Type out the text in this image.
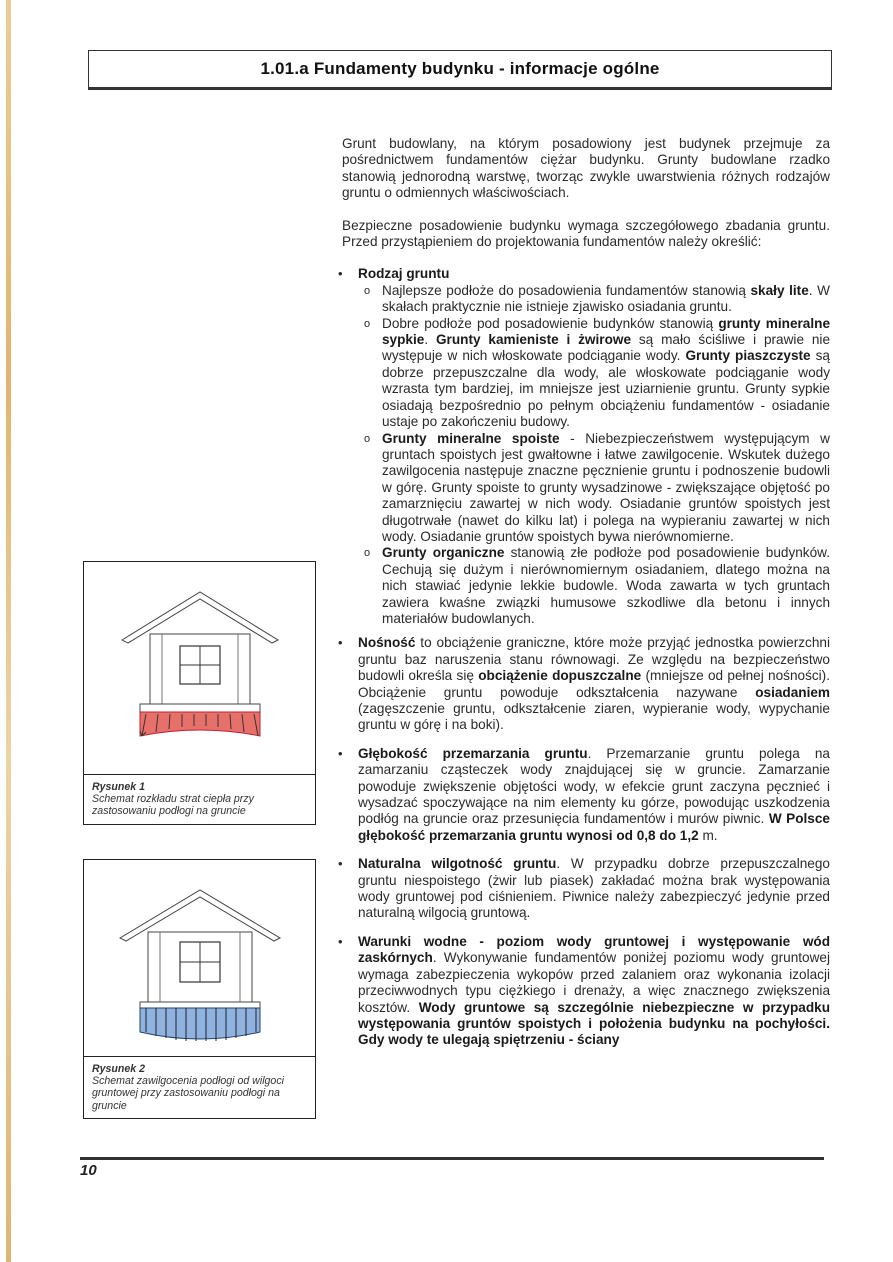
1.01.a Fundamenty budynku - informacje ogólne

Grunt budowlany, na którym posadowiony jest budynek przejmuje za pośrednictwem fundamentów ciężar budynku. Grunty budowlane rzadko stanowią jednorodną warstwę, tworząc zwykle uwarstwienia różnych rodzajów gruntu o odmiennych właściwościach.

Bezpieczne posadowienie budynku wymaga szczegółowego zbadania gruntu. Przed przystąpieniem do projektowania fundamentów należy określić:

• Rodzaj gruntu
o Najlepsze podłoże do posadowienia fundamentów stanowią skały lite. W skałach praktycznie nie istnieje zjawisko osiadania gruntu.
o Dobre podłoże pod posadowienie budynków stanowią grunty mineralne sypkie. Grunty kamieniste i żwirowe są mało ściśliwe i prawie nie występuje w nich włoskowate podciąganie wody. Grunty piaszczyste są dobrze przepuszczalne dla wody, ale włoskowate podciąganie wody wzrasta tym bardziej, im mniejsze jest uziarnienie gruntu. Grunty sypkie osiadają bezpośrednio po pełnym obciążeniu fundamentów - osiadanie ustaje po zakończeniu budowy.
o Grunty mineralne spoiste - Niebezpieczeństwem występującym w gruntach spoistych jest gwałtowne i łatwe zawilgocenie. Wskutek dużego zawilgocenia następuje znaczne pęcznienie gruntu i podnoszenie budowli w górę. Grunty spoiste to grunty wysadzinowe - zwiększające objętość po zamarznięciu zawartej w nich wody. Osiadanie gruntów spoistych jest długotrwałe (nawet do kilku lat) i polega na wypieraniu zawartej w nich wody. Osiadanie gruntów spoistych bywa nierównomierne.
o Grunty organiczne stanowią złe podłoże pod posadowienie budynków. Cechują się dużym i nierównomiernym osiadaniem, dlatego można na nich stawiać jedynie lekkie budowle. Woda zawarta w tych gruntach zawiera kwaśne związki humusowe szkodliwe dla betonu i innych materiałów budowlanych.
• Nośność to obciążenie graniczne, które może przyjąć jednostka powierzchni gruntu baz naruszenia stanu równowagi. Ze względu na bezpieczeństwo budowli określa się obciążenie dopuszczalne (mniejsze od pełnej nośności). Obciążenie gruntu powoduje odkształcenia nazywane osiadaniem (zagęszczenie gruntu, odkształcenie ziaren, wypieranie wody, wypychanie gruntu w górę i na boki).
• Głębokość przemarzania gruntu. Przemarzanie gruntu polega na zamarzaniu cząsteczek wody znajdującej się w gruncie. Zamarzanie powoduje zwiększenie objętości wody, w efekcie grunt zaczyna pęcznieć i wysadzać spoczywające na nim elementy ku górze, powodując uszkodzenia podłóg na gruncie oraz przesunięcia fundamentów i murów piwnic. W Polsce głębokość przemarzania gruntu wynosi od 0,8 do 1,2 m.
• Naturalna wilgotność gruntu. W przypadku dobrze przepuszczalnego gruntu niespoistego (żwir lub piasek) zakładać można brak występowania wody gruntowej pod ciśnieniem. Piwnice należy zabezpieczyć jedynie przed naturalną wilgocią gruntową.
• Warunki wodne - poziom wody gruntowej i występowanie wód zaskórnych. Wykonywanie fundamentów poniżej poziomu wody gruntowej wymaga zabezpieczenia wykopów przed zalaniem oraz wykonania izolacji przeciwwodnych typu ciężkiego i drenaży, a więc znacznego zwiększenia kosztów. Wody gruntowe są szczególnie niebezpieczne w przypadku występowania gruntów spoistych i położenia budynku na pochyłości. Gdy wody te ulegają spiętrzeniu - ściany
Rysunek 1
Schemat rozkładu strat ciepła przy zastosowaniu podłogi na gruncie
Rysunek 2
Schemat zawilgocenia podłogi od wilgoci gruntowej przy zastosowaniu podłogi na gruncie
10
